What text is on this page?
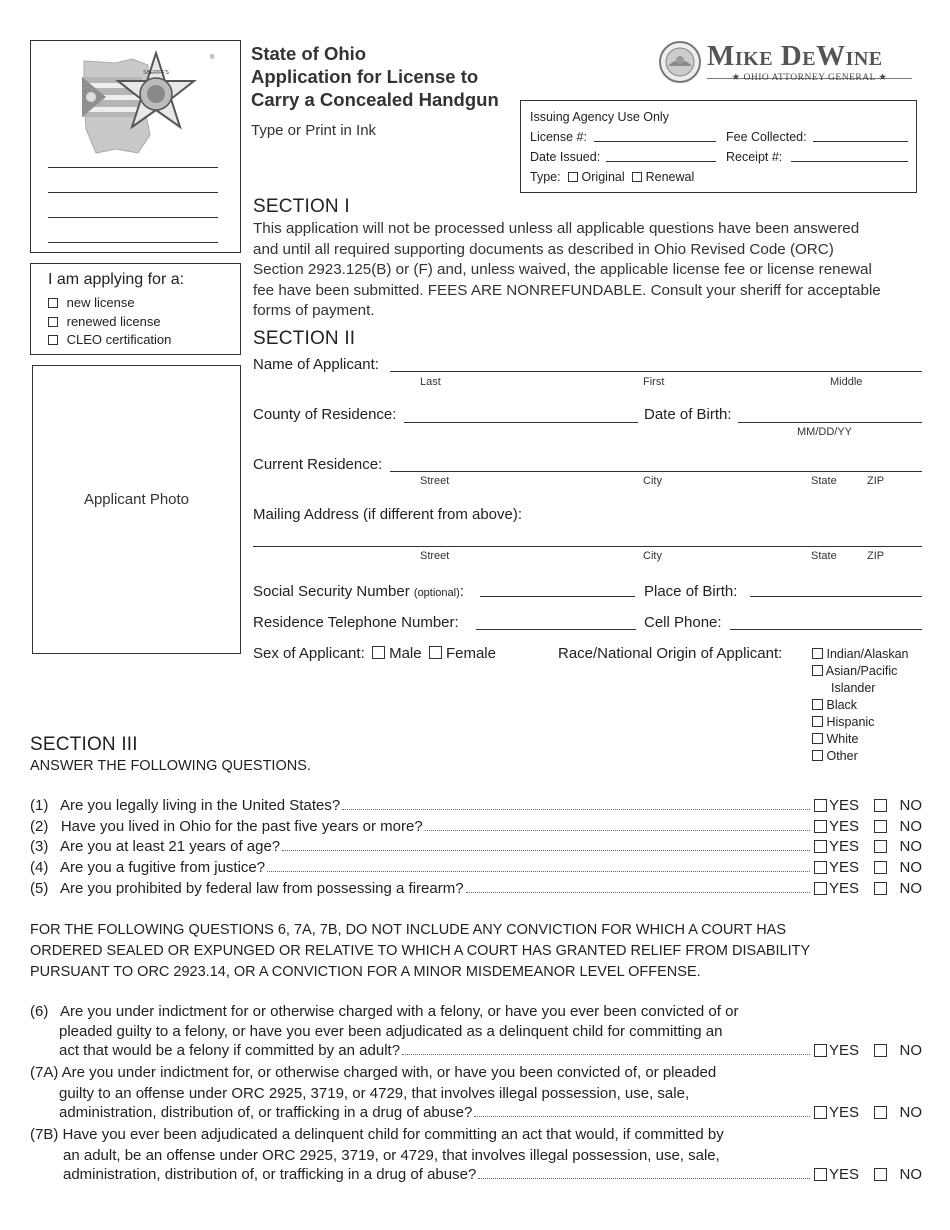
SHERIFF'S
® State of Ohio
Application for License to
Carry a Concealed Handgun
Type or Print in Ink
Mike DeWine
★ OHIO ATTORNEY GENERAL ★
Issuing Agency Use Only
License #:	Fee Collected:
Date Issued:	Receipt #:
Type: Original Renewal
I am applying for a:
new license
renewed license
CLEO certification
Applicant Photo
SECTION I
This application will not be processed unless all applicable questions have been answered
and until all required supporting documents as described in Ohio Revised Code (ORC)
Section 2923.125(B) or (F) and, unless waived, the applicable license fee or license renewal
fee have been submitted. FEES ARE NONREFUNDABLE. Consult your sheriff for acceptable
forms of payment.
SECTION II
Name of Applicant:
Last	First	Middle
County of Residence:	Date of Birth:
MM/DD/YY
Current Residence:
Street	City	State	ZIP
Mailing Address (if different from above):
Street	City	State	ZIP
Social Security Number (optional):	Place of Birth:
Residence Telephone Number:	Cell Phone:
Sex of Applicant: Male Female	Race/National Origin of Applicant:	Indian/Alaskan
Asian/Pacific
Islander
Black
Hispanic
White
Other
SECTION III
ANSWER THE FOLLOWING QUESTIONS.
(1)   Are you legally living in the United States?	YES
	NO
(2)   Have you lived in Ohio for the past five years or more?	YES
	NO
(3)   Are you at least 21 years of age?	YES
	NO
(4)   Are you a fugitive from justice?	YES
	NO
(5)   Are you prohibited by federal law from possessing a firearm?	YES
	NO
FOR THE FOLLOWING QUESTIONS 6, 7A, 7B, DO NOT INCLUDE ANY CONVICTION FOR WHICH A COURT HAS
ORDERED SEALED OR EXPUNGED OR RELATIVE TO WHICH A COURT HAS GRANTED RELIEF FROM DISABILITY
PURSUANT TO ORC 2923.14, OR A CONVICTION FOR A MINOR MISDEMEANOR LEVEL OFFENSE.
(6)   Are you under indictment for or otherwise charged with a felony, or have you ever been convicted of or
pleaded guilty to a felony, or have you ever been adjudicated as a delinquent child for committing an
act that would be a felony if committed by an adult?	YES
	NO
(7A) Are you under indictment for, or otherwise charged with, or have you been convicted of, or pleaded
guilty to an offense under ORC 2925, 3719, or 4729, that involves illegal possession, use, sale,
administration, distribution of, or trafficking in a drug of abuse?	YES
	NO
(7B) Have you ever been adjudicated a delinquent child for committing an act that would, if committed by
an adult, be an offense under ORC 2925, 3719, or 4729, that involves illegal possession, use, sale,
administration, distribution of, or trafficking in a drug of abuse?	YES
	NO
